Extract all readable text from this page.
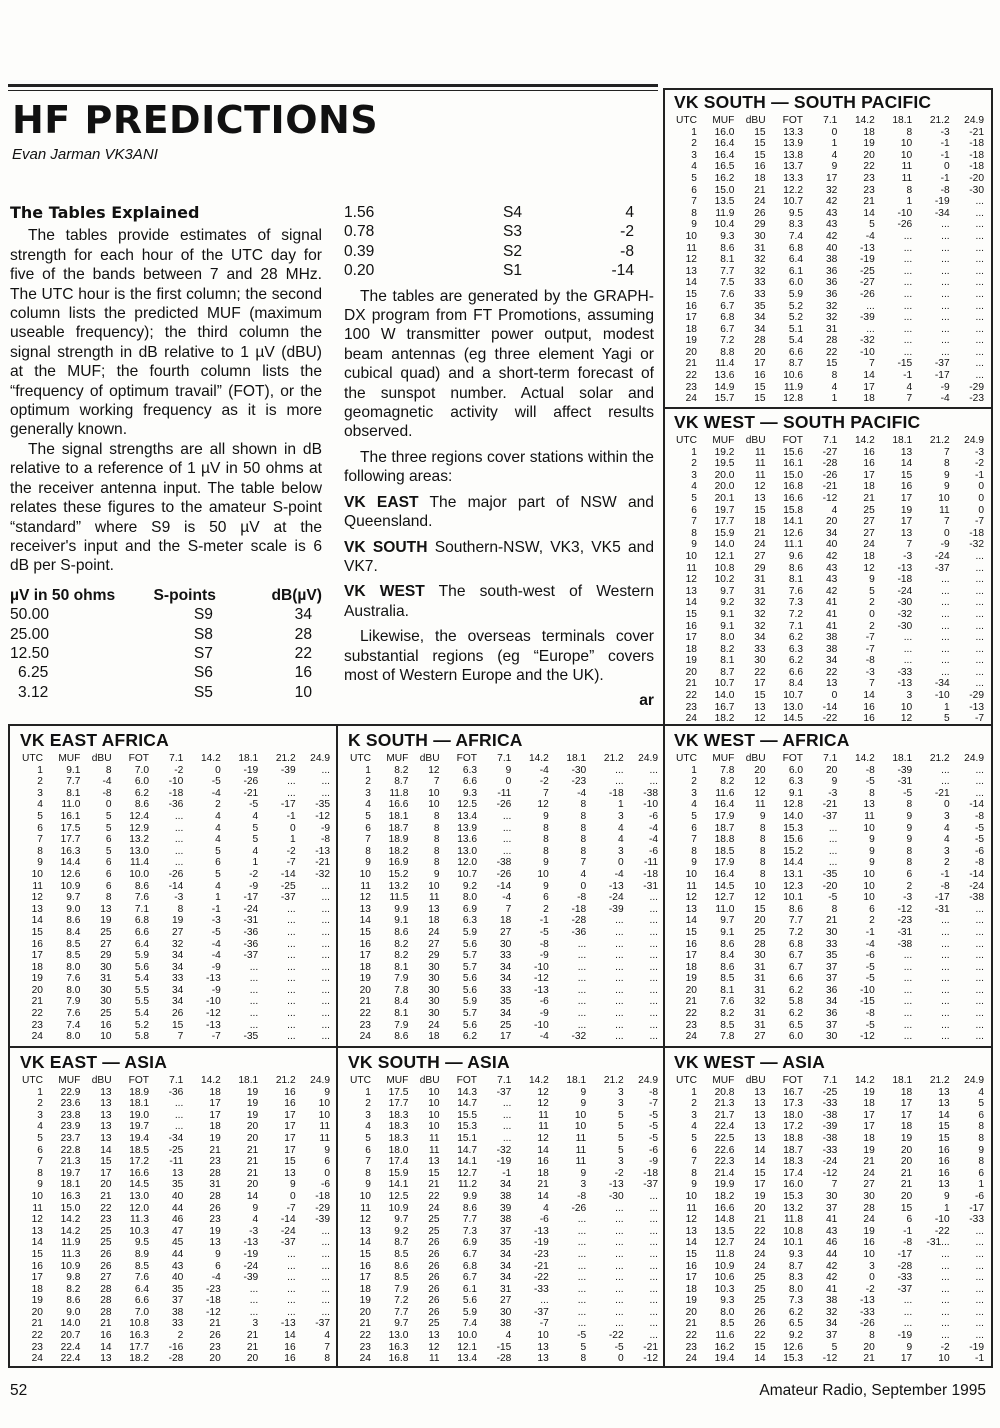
HF PREDICTIONS
Evan Jarman VK3ANI
The Tables Explained

The tables provide estimates of signal strength for each hour of the UTC day for five of the bands between 7 and 28 MHz. The UTC hour is the first column; the second column lists the predicted MUF (maximum useable frequency); the third column the signal strength in dB relative to 1 µV (dBU) at the MUF; the fourth column lists the “frequency of optimum travail” (FOT), or the optimum working frequency as it is more generally known.

The signal strengths are all shown in dB relative to a reference of 1 µV in 50 ohms at the receiver antenna input. The table below relates these figures to the amateur S-point “standard” where S9 is 50 µV at the receiver's input and the S-meter scale is 6 dB per S-point.

µV in 50 ohms	S-points	dB(µV)
50.00	S9	34
25.00	S8	28
12.50	S7	22
6.25	S6	16
3.12	S5	10
1.56	S4	4
0.78	S3	-2
0.39	S2	-8
0.20	S1	-14

The tables are generated by the GRAPH-DX program from FT Promotions, assuming 100 W transmitter power output, modest beam antennas (eg three element Yagi or cubical quad) and a short-term forecast of the sunspot number. Actual solar and geomagnetic activity will affect results observed.

The three regions cover stations within the following areas:

VK EAST The major part of NSW and Queensland.

VK SOUTH Southern-NSW, VK3, VK5 and VK7.

VK WEST The south-west of Western Australia.

Likewise, the overseas terminals cover substantial regions (eg “Europe” covers most of Western Europe and the UK).

ar
VK SOUTH — SOUTH PACIFIC
UTC	MUF	dBU	FOT	7.1	14.2	18.1	21.2	24.9
1	16.0	15	13.3	0	18	8	-3	-21
2	16.4	15	13.9	1	19	10	-1	-18
3	16.4	15	13.8	4	20	10	-1	-18
4	16.5	16	13.7	9	22	11	0	-18
5	16.2	18	13.3	17	23	11	-1	-20
6	15.0	21	12.2	32	23	8	-8	-30
7	13.5	24	10.7	42	21	1	-19	...
8	11.9	26	9.5	43	14	-10	-34	...
9	10.4	29	8.3	43	5	-26	...	...
10	9.3	30	7.4	42	-4	...	...	...
11	8.6	31	6.8	40	-13	...	...	...
12	8.1	32	6.4	38	-19	...	...	...
13	7.7	32	6.1	36	-25	...	...	...
14	7.5	33	6.0	36	-27	...	...	...
15	7.6	33	5.9	36	-26	...	...	...
16	6.7	35	5.2	32	...	...	...	...
17	6.8	34	5.2	32	-39	...	...	...
18	6.7	34	5.1	31	...	...	...	...
19	7.2	28	5.4	28	-32	...	...	...
20	8.8	20	6.6	22	-10	...	...	...
21	11.4	17	8.7	15	7	-15	-37	...
22	13.6	16	10.6	8	14	-1	-17	...
23	14.9	15	11.9	4	17	4	-9	-29
24	15.7	15	12.8	1	18	7	-4	-23
VK WEST — SOUTH PACIFIC
UTC	MUF	dBU	FOT	7.1	14.2	18.1	21.2	24.9
1	19.2	11	15.6	-27	16	13	7	-3
2	19.5	11	16.1	-28	16	14	8	-2
3	20.0	11	15.0	-26	17	15	9	-1
4	20.0	12	16.8	-21	18	16	9	0
5	20.1	13	16.6	-12	21	17	10	0
6	19.7	15	15.8	4	25	19	11	0
7	17.7	18	14.1	20	27	17	7	-7
8	15.9	21	12.6	34	27	13	0	-18
9	14.0	24	11.1	40	24	7	-9	-32
10	12.1	27	9.6	42	18	-3	-24	...
11	10.8	29	8.6	43	12	-13	-37	...
12	10.2	31	8.1	43	9	-18	...	...
13	9.7	31	7.6	42	5	-24	...	...
14	9.2	32	7.3	41	2	-30	...	...
15	9.1	32	7.2	41	0	-32	...	...
16	9.1	32	7.1	41	2	-30	...	...
17	8.0	34	6.2	38	-7	...	...	...
18	8.2	33	6.3	38	-7	...	...	...
19	8.1	30	6.2	34	-8	...	...	...
20	8.7	22	6.6	22	-3	-33	...	...
21	10.7	17	8.4	13	7	-13	-34	...
22	14.0	15	10.7	0	14	3	-10	-29
23	16.7	13	13.0	-14	16	10	1	-13
24	18.2	12	14.5	-22	16	12	5	-7
VK EAST AFRICA
UTC	MUF	dBU	FOT	7.1	14.2	18.1	21.2	24.9
1	9.1	8	7.0	-2	0	-19	-39	...
2	7.7	-4	6.0	-10	-5	-26	...	...
3	8.1	-8	6.2	-18	-4	-21	...	...
4	11.0	0	8.6	-36	2	-5	-17	-35
5	16.1	5	12.4	...	4	4	-1	-12
6	17.5	5	12.9	...	4	5	0	-9
7	17.7	6	13.2	...	4	5	1	-8
8	16.3	5	13.0	...	5	4	-2	-13
9	14.4	6	11.4	...	6	1	-7	-21
10	12.6	6	10.0	-26	5	-2	-14	-32
11	10.9	6	8.6	-14	4	-9	-25	...
12	9.7	8	7.6	-3	1	-17	-37	...
13	9.0	13	7.1	8	-1	-24	...	...
14	8.6	19	6.8	19	-3	-31	...	...
15	8.4	25	6.6	27	-5	-36	...	...
16	8.5	27	6.4	32	-4	-36	...	...
17	8.5	29	5.9	34	-4	-37	...	...
18	8.0	30	5.6	34	-9	...	...	...
19	7.6	31	5.4	33	-13	...	...	...
20	8.0	30	5.5	34	-9	...	...	...
21	7.9	30	5.5	34	-10	...	...	...
22	7.6	25	5.4	26	-12	...	...	...
23	7.4	16	5.2	15	-13	...	...	...
24	8.0	10	5.8	7	-7	-35	...	...
K SOUTH — AFRICA
UTC	MUF	dBU	FOT	7.1	14.2	18.1	21.2	24.9
1	8.2	12	6.3	9	-4	-30	...	...
2	8.7	7	6.6	0	-2	-23	...	...
3	11.8	10	9.3	-11	7	-4	-18	-38
4	16.6	10	12.5	-26	12	8	1	-10
5	18.1	8	13.4	...	9	8	3	-6
6	18.7	8	13.9	...	8	8	4	-4
7	18.9	8	13.6	...	8	8	4	-4
8	18.2	8	13.0	...	8	8	3	-6
9	16.9	8	12.0	-38	9	7	0	-11
10	15.2	9	10.7	-26	10	4	-4	-18
11	13.2	10	9.2	-14	9	0	-13	-31
12	11.5	11	8.0	-4	6	-8	-24	...
13	9.9	13	6.9	7	2	-18	-39	...
14	9.1	18	6.3	18	-1	-28	...	...
15	8.6	24	5.9	27	-5	-36	...	...
16	8.2	27	5.6	30	-8	...	...	...
17	8.2	29	5.7	33	-9	...	...	...
18	8.1	30	5.7	34	-10	...	...	...
19	7.9	30	5.6	34	-12	...	...	...
20	7.8	30	5.6	33	-13	...	...	...
21	8.4	30	5.9	35	-6	...	...	...
22	8.1	30	5.7	34	-9	...	...	...
23	7.9	24	5.6	25	-10	...	...	...
24	8.6	18	6.2	17	-4	-32	...	...
VK WEST — AFRICA
UTC	MUF	dBU	FOT	7.1	14.2	18.1	21.2	24.9
1	7.8	20	6.0	20	-8	-39	...	...
2	8.2	12	6.3	9	-5	-31	...	...
3	11.6	12	9.1	-3	8	-5	-21	...
4	16.4	11	12.8	-21	13	8	0	-14
5	17.9	9	14.0	-37	11	9	3	-8
6	18.7	8	15.3	...	10	9	4	-5
7	18.8	8	15.6	...	9	9	4	-5
8	18.5	8	15.2	...	9	8	3	-6
9	17.9	8	14.4	...	9	8	2	-8
10	16.4	8	13.1	-35	10	6	-1	-14
11	14.5	10	12.3	-20	10	2	-8	-24
12	12.7	12	10.1	-5	10	-3	-17	-38
13	11.0	15	8.6	8	6	-12	-31	...
14	9.7	20	7.7	21	2	-23	...	...
15	9.1	25	7.2	30	-1	-31	...	...
16	8.6	28	6.8	33	-4	-38	...	...
17	8.4	30	6.7	35	-6	...	...	...
18	8.6	31	6.7	37	-5	...	...	...
19	8.5	31	6.6	37	-5	...	...	...
20	8.1	31	6.2	36	-10	...	...	...
21	7.6	32	5.8	34	-15	...	...	...
22	8.2	31	6.2	36	-8	...	...	...
23	8.5	31	6.5	37	-5	...	...	...
24	7.8	27	6.0	30	-12	...	...	...
VK EAST — ASIA
UTC	MUF	dBU	FOT	7.1	14.2	18.1	21.2	24.9
1	22.9	13	18.9	-36	18	19	16	9
2	23.6	13	18.1	...	17	19	16	10
3	23.8	13	19.0	...	17	19	17	10
4	23.9	13	19.7	...	18	20	17	11
5	23.7	13	19.4	-34	19	20	17	11
6	22.8	14	18.5	-25	21	21	17	9
7	21.3	15	17.2	-11	23	21	15	6
8	19.7	17	16.6	13	28	21	13	0
9	18.1	20	14.5	35	31	20	9	-6
10	16.3	21	13.0	40	28	14	0	-18
11	15.0	22	12.0	44	26	9	-7	-29
12	14.2	23	11.3	46	23	4	-14	-39
13	14.2	25	10.3	47	19	-3	-24	...
14	11.9	25	9.5	45	13	-13	-37	...
15	11.3	26	8.9	44	9	-19	...	...
16	10.9	26	8.5	43	6	-24	...	...
17	9.8	27	7.6	40	-4	-39	...	...
18	8.2	28	6.4	35	-23	...	...	...
19	8.6	28	6.6	37	-18	...	...	...
20	9.0	28	7.0	38	-12	...	...	...
21	14.0	21	10.8	33	21	3	-13	-37
22	20.7	16	16.3	2	26	21	14	4
23	22.4	14	17.7	-16	23	21	16	7
24	22.4	13	18.2	-28	20	20	16	8
VK SOUTH — ASIA
UTC	MUF	dBU	FOT	7.1	14.2	18.1	21.2	24.9
1	17.5	10	14.3	-37	12	9	3	-8
2	17.7	10	14.7	...	12	9	3	-7
3	18.3	10	15.5	...	11	10	5	-5
4	18.3	10	15.3	...	11	10	5	-5
5	18.3	11	15.1	...	12	11	5	-5
6	18.0	11	14.7	-32	14	11	5	-6
7	17.4	13	14.1	-19	16	11	3	-9
8	15.9	15	12.7	-1	18	9	-2	-18
9	14.1	21	11.2	34	21	3	-13	-37
10	12.5	22	9.9	38	14	-8	-30	...
11	10.9	24	8.6	39	4	-26	...	...
12	9.7	25	7.7	38	-6	...	...	...
13	9.2	25	7.3	37	-13	...	...	...
14	8.7	26	6.9	35	-19	...	...	...
15	8.5	26	6.7	34	-23	...	...	...
16	8.6	26	6.8	34	-21	...	...	...
17	8.5	26	6.7	34	-22	...	...	...
18	7.9	26	6.1	31	-33	...	...	...
19	7.2	26	5.6	27	...	...	...	...
20	7.7	26	5.9	30	-37	...	...	...
21	9.7	25	7.4	38	-7	...	...	...
22	13.0	13	10.0	4	10	-5	-22	...
23	16.3	12	12.1	-15	13	5	-5	-21
24	16.8	11	13.4	-28	13	8	0	-12
VK WEST — ASIA
UTC	MUF	dBU	FOT	7.1	14.2	18.1	21.2	24.9
1	20.8	13	16.7	-25	19	18	13	4
2	21.3	13	17.3	-33	18	17	13	5
3	21.7	13	18.0	-38	17	17	14	6
4	22.4	13	17.2	-39	17	18	15	8
5	22.5	13	18.8	-38	18	19	15	8
6	22.6	14	18.7	-33	19	20	16	9
7	22.3	14	18.3	-24	21	20	16	8
8	21.4	15	17.4	-12	24	21	16	6
9	19.9	17	16.0	7	27	21	13	1
10	18.2	19	15.3	30	30	20	9	-6
11	16.6	20	13.2	37	28	15	1	-17
12	14.8	21	11.8	41	24	6	-10	-33
13	13.5	22	10.8	43	19	-1	-22	...
14	12.7	24	10.1	46	16	-8	-31...	...
15	11.8	24	9.3	44	10	-17	...	...
16	10.9	24	8.7	42	3	-28	...	...
17	10.6	25	8.3	42	0	-33	...	...
18	10.3	25	8.0	41	-2	-37	...	...
19	9.3	25	7.3	38	-13	...	...	...
20	8.0	26	6.2	32	-33	...	...	...
21	8.5	26	6.5	34	-26	...	...	...
22	11.6	22	9.2	37	8	-19	...	...
23	16.2	15	12.6	5	20	9	-2	-19
24	19.4	14	15.3	-12	21	17	10	-1
52	Amateur Radio, September 1995
